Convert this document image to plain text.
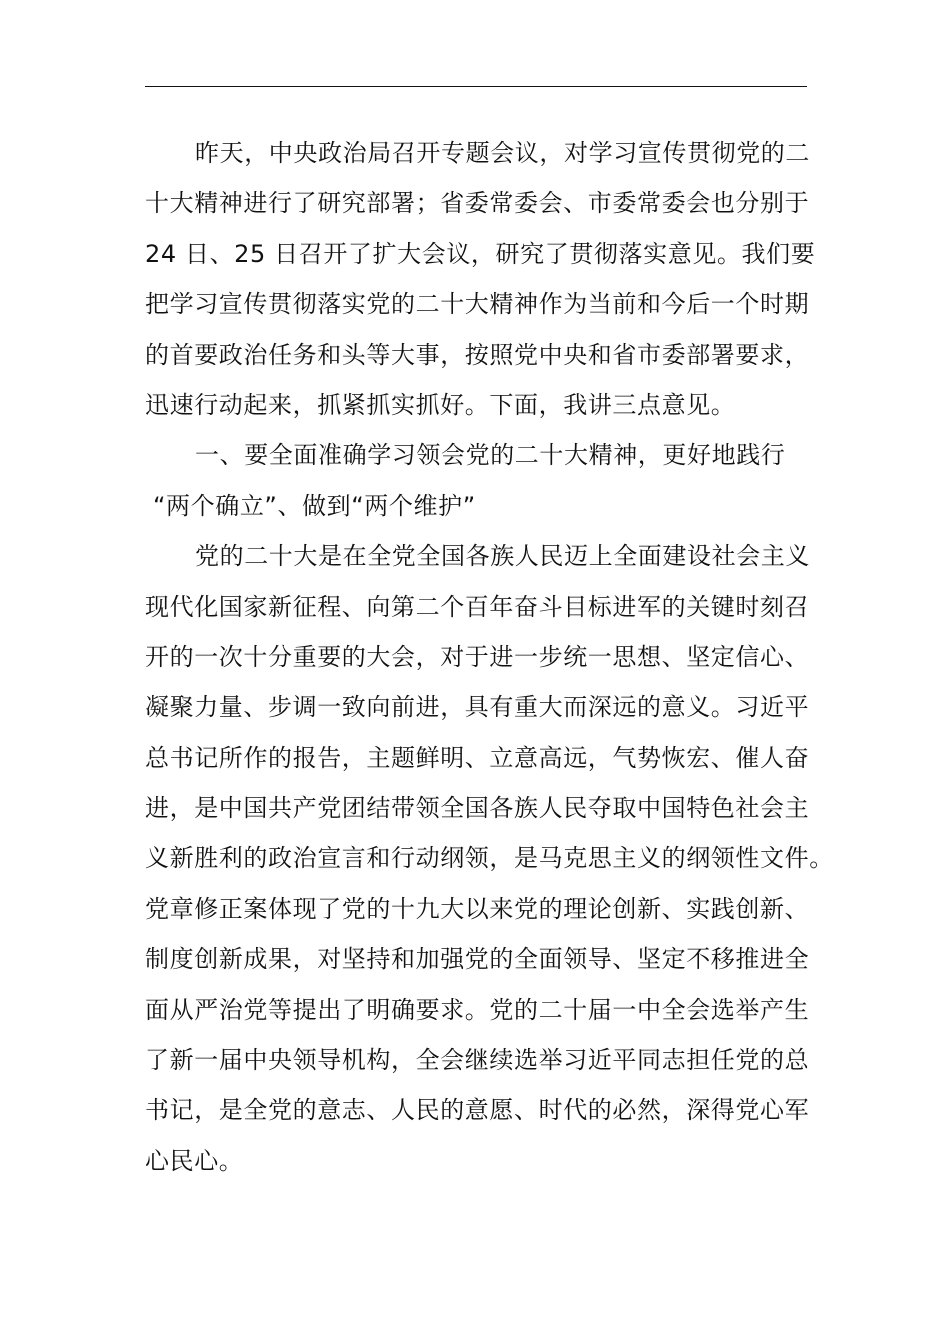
昨天，中央政治局召开专题会议，对学习宣传贯彻党的二
十大精神进行了研究部署；省委常委会、市委常委会也分别于
24 日、25 日召开了扩大会议，研究了贯彻落实意见。我们要
把学习宣传贯彻落实党的二十大精神作为当前和今后一个时期
的首要政治任务和头等大事，按照党中央和省市委部署要求，
迅速行动起来，抓紧抓实抓好。下面，我讲三点意见。
一、要全面准确学习领会党的二十大精神，更好地践行
“两个确立”、做到“两个维护”
党的二十大是在全党全国各族人民迈上全面建设社会主义
现代化国家新征程、向第二个百年奋斗目标进军的关键时刻召
开的一次十分重要的大会，对于进一步统一思想、坚定信心、
凝聚力量、步调一致向前进，具有重大而深远的意义。习近平
总书记所作的报告，主题鲜明、立意高远，气势恢宏、催人奋
进，是中国共产党团结带领全国各族人民夺取中国特色社会主
义新胜利的政治宣言和行动纲领，是马克思主义的纲领性文件。
党章修正案体现了党的十九大以来党的理论创新、实践创新、
制度创新成果，对坚持和加强党的全面领导、坚定不移推进全
面从严治党等提出了明确要求。党的二十届一中全会选举产生
了新一届中央领导机构，全会继续选举习近平同志担任党的总
书记，是全党的意志、人民的意愿、时代的必然，深得党心军
心民心。
